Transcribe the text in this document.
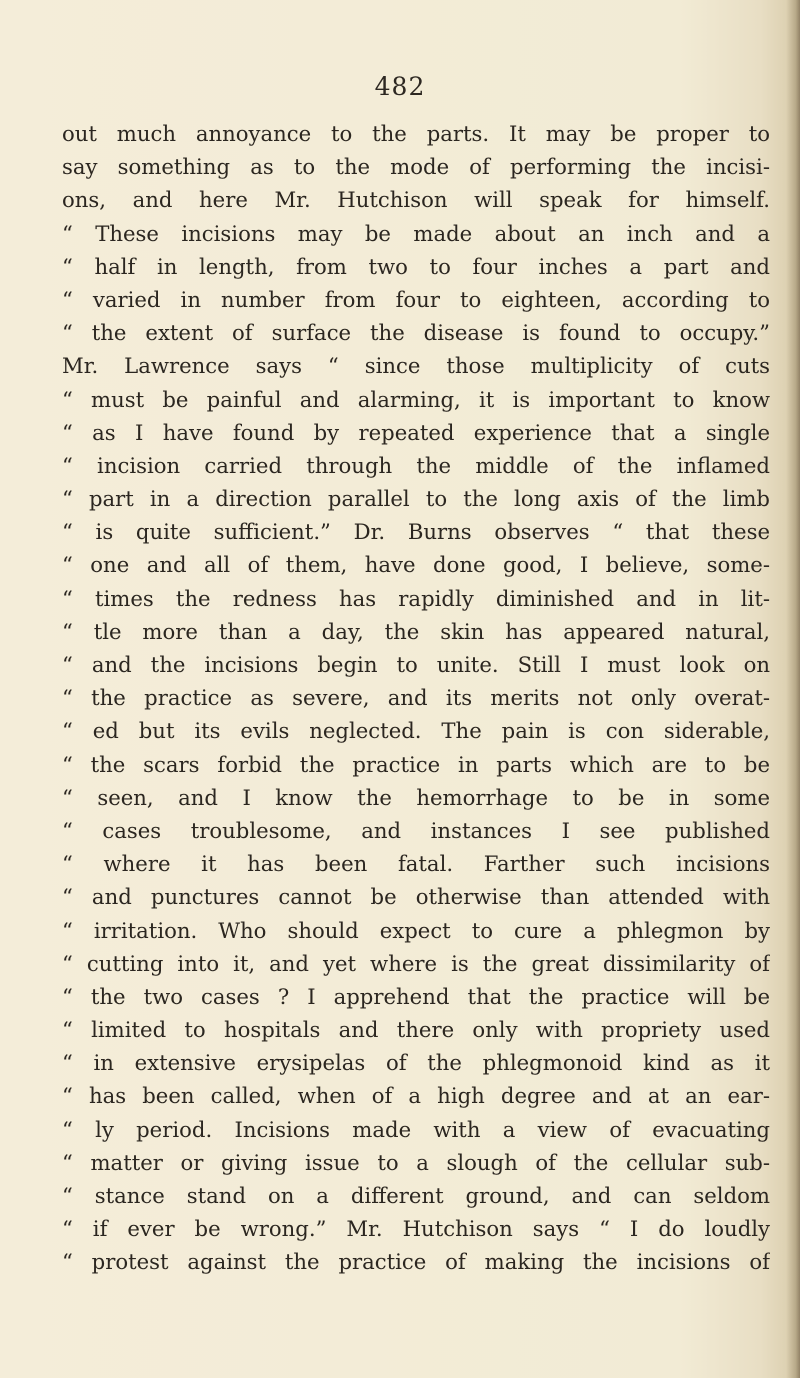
482
out much annoyance to the parts. It may be proper to
say something as to the mode of performing the incisi-
ons, and here Mr. Hutchison will speak for himself.
“ These incisions may be made about an inch and a
“ half in length, from two to four inches a part and
“ varied in number from four to eighteen, according to
“ the extent of surface the disease is found to occupy.”
Mr. Lawrence says “ since those multiplicity of cuts
“ must be painful and alarming, it is important to know
“ as I have found by repeated experience that a single
“ incision carried through the middle of the inflamed
“ part in a direction parallel to the long axis of the limb
“ is quite sufficient.” Dr. Burns observes “ that these
“ one and all of them, have done good, I believe, some-
“ times the redness has rapidly diminished and in lit-
“ tle more than a day, the skin has appeared natural,
“ and the incisions begin to unite. Still I must look on
“ the practice as severe, and its merits not only overat-
“ ed but its evils neglected. The pain is con siderable,
“ the scars forbid the practice in parts which are to be
“ seen, and I know the hemorrhage to be in some
“ cases troublesome, and instances I see published
“ where it has been fatal. Farther such incisions
“ and punctures cannot be otherwise than attended with
“ irritation. Who should expect to cure a phlegmon by
“ cutting into it, and yet where is the great dissimilarity of
“ the two cases ? I apprehend that the practice will be
“ limited to hospitals and there only with propriety used
“ in extensive erysipelas of the phlegmonoid kind as it
“ has been called, when of a high degree and at an ear-
“ ly period. Incisions made with a view of evacuating
“ matter or giving issue to a slough of the cellular sub-
“ stance stand on a different ground, and can seldom
“ if ever be wrong.” Mr. Hutchison says “ I do loudly
“ protest against the practice of making the incisions of
